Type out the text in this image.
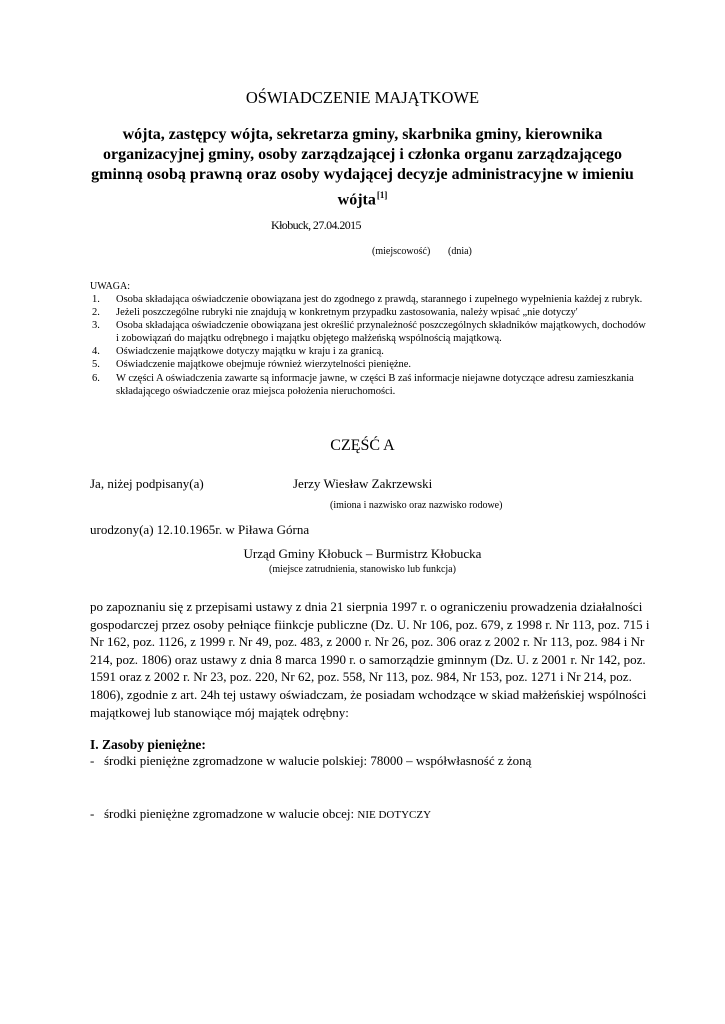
OŚWIADCZENIE MAJĄTKOWE
wójta, zastępcy wójta, sekretarza gminy, skarbnika gminy, kierownika organizacyjnej gminy, osoby zarządzającej i członka organu zarządzającego gminną osobą prawną oraz osoby wydającej decyzje administracyjne w imieniu wójta[1]
Kłobuck, 27.04.2015
(miejscowość) (dnia)
UWAGA:
1.	Osoba składająca oświadczenie obowiązana jest do zgodnego z prawdą, starannego i zupełnego wypełnienia każdej z rubryk.
2.	Jeżeli poszczególne rubryki nie znajdują w konkretnym przypadku zastosowania, należy wpisać „nie dotyczy'
3.	Osoba składająca oświadczenie obowiązana jest określić przynależność poszczególnych składników majątkowych, dochodów i zobowiązań do majątku odrębnego i majątku objętego małżeńską wspólnością majątkową.
4.	Oświadczenie majątkowe dotyczy majątku w kraju i za granicą.
5.	Oświadczenie majątkowe obejmuje również wierzytelności pieniężne.
6.	W części A oświadczenia zawarte są informacje jawne, w części B zaś informacje niejawne dotyczące adresu zamieszkania składającego oświadczenie oraz miejsca położenia nieruchomości.
CZĘŚĆ A
Ja, niżej podpisany(a)	Jerzy Wiesław Zakrzewski
(imiona i nazwisko oraz nazwisko rodowe)
urodzony(a) 12.10.1965r. w Piława Górna
Urząd Gminy Kłobuck – Burmistrz Kłobucka
(miejsce zatrudnienia, stanowisko lub funkcja)
po zapoznaniu się z przepisami ustawy z dnia 21 sierpnia 1997 r. o ograniczeniu prowadzenia działalności gospodarczej przez osoby pełniące fiinkcje publiczne (Dz. U. Nr 106, poz. 679, z 1998 r. Nr 113, poz. 715 i Nr 162, poz. 1126, z 1999 r. Nr 49, poz. 483, z 2000 r. Nr 26, poz. 306 oraz z 2002 r. Nr 113, poz. 984 i Nr 214, poz. 1806) oraz ustawy z dnia 8 marca 1990 r. o samorządzie gminnym (Dz. U. z 2001 r. Nr 142, poz. 1591 oraz z 2002 r. Nr 23, poz. 220, Nr 62, poz. 558, Nr 113, poz. 984, Nr 153, poz. 1271 i Nr 214, poz. 1806), zgodnie z art. 24h tej ustawy oświadczam, że posiadam wchodzące w skiad małżeńskiej wspólności majątkowej lub stanowiące mój majątek odrębny:
I. Zasoby pieniężne:
- środki pieniężne zgromadzone w walucie polskiej: 78000 – współwłasność z żoną
- środki pieniężne zgromadzone w walucie obcej: NIE DOTYCZY
